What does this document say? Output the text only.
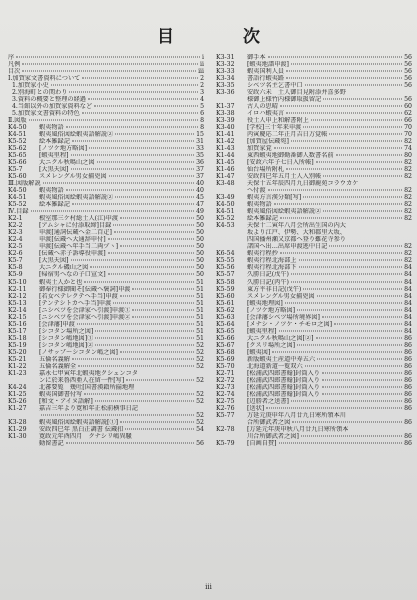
目　次
序	i
凡例	ii
目次	iii
Ⅰ.加賀家文書資料について	2
1.加賀家小史	2
2.別海町との関わり	3
3.資料の概要と整理の経過	4
4.当館以外の加賀家資料など	5
5.加賀家文書資料の特色	6
Ⅱ.図版	8
K4-50	蝦夷物語	8
K4-51	蝦夷風俗図絵蝦夷語解説②	15
K5-52	絵本雑録記	31
K5-62	[ノツケ地方略図]	33
K5-65	[蝦夷里程]	35
K5-66	大ニクル秋鳴山之図	36
K5-7	[大黒天図]	37
K5-60	スメレングル男女捕兇図	37
Ⅲ.図版解説	40
K4-50	蝦夷物語	40
K4-51	蝦夷風俗図絵蝦夷語解説②	45
K5-52	絵本雑録記	47
Ⅳ.目録	49
K2-1	根室那三ケ村総土人(江)申渡	50
K2-2	[アムシャに付添取締]目録	50
K2-3	申渡[通詞伝蔵へ金二百疋]	50
K2-4	申渡[伝蔵へ大通辞申付]	50
K2-5	申渡[伝蔵へ年手当二両ヅヽ]	50
K2-6	[伝蔵へ赤子訴導役申渡]	50
K5-7	[大黒天図]	50
K5-8	大ニクル磯山之図	50
K5-9	[帰宿男へなの子口宣文]	50
K5-10	蝦夷土人かと也	51
K2-11	御奉行様御聞そ[伝蔵へ褒詞]申渡	51
K2-12	[若女ベテレクテヘ手当]申渡	51
K5-13	[テンテシトカヘ手当]申渡	51
K2-14	[ニシベツを会津家へ引渡]申渡①	51
K2-15	[ニシベツを会津家へ引渡]申渡②	51
K5-16	[会津藩]申渡	51
K5-17	[シコタン場所之図]	51
K5-18	[シコタン嶋地図]①	51
K5-19	[シコタン嶋地図]②	52
K5-20	[ノサップ〜シコタン嶋之図]	52
K5-21	五倫名義解	52
K1-22	五倫名義解全	52
K1-23	嘉永七甲寅年北蝦夷地クシュンコタ
ンに於来魯西亜人在留一件[写]	52
K4-24	北蕃要覧　幾吐[国書漢籍所揃地理
K1-25	蝦夷国御書付写	52
K5-26	[和文・アイヌ語解]	52
K1-27	嘉吉三年より寛和年正松前横事日記
52
K3-28	蝦夷風俗図絵蝦夷語解説[①]	52
K1-29	安政四巳年 黒白正調書 伝蔵扣	54
K1-30	寛政元年酉四月　クナシリ嶋異騒
動留書記	56
K3-31	御手本	56
K3-32	[蝦夷地譜申渡]	56
K3-33	蝦夷国利人員	56
K3-34	書語行蝦夷路	56
K3-35	シベツ名主乞書中口	56
K3-36	安政六未　土人御目見附添并喜多野
様御上様竹内様御取扱留記	56
K1-37	古人の思晴	60
K3-38	イロハ蝦夷言	62
K3-39	役土人申上和解書附上	66
K3-40	[学校]三十年来申渡	70
K1-41	丙寅慶応二年正月吉日万覚帳	70
K1-42	[加賀屋伝蔵宛]	82
K1-43	加賀家覚	74
K1-44	東西蝦夷地御勤番御人数書名前	80
K1-45	[安政六年子七日入所帳]	82
K1-46	仙台場所附札	82
K1-47	安政四巳年五月土人入別帳	82
K3-48	天保十五年辰四月九日御鹿苑コラウカケ
ヘ付渡	82
K3-49	蝦夷方言漢分類[写]	82
K4-50	蝦夷物語	82
K4-51	蝦夷風俗図絵蝦夷語解説②	82
K5-52	絵本雑録記	82
K4-53	天保十二寅年八月会所出生国の内大
坂より江戸、伊勢、大和郡里大坂、
四国播州瀬又京都へ登り難花寺参り
諸国へ出…出席申渡逃中日記	82
K6-54	蝦夷行程抄	82
K5-55	蝦夷行程北海部上	82
K5-56	蝦夷行程北海部下	84
K5-57	久勝日記(戊午)	84
K5-58	久勝日記(丙午)	84
K5-59	東方平非日記(戊午)	84
K5-60	スメレングル男女捕兇図	84
K5-61	[蝦夷地理図]	84
K5-62	[ノツケ地方略図]	84
K5-63	[会津藩シベツ場所境界図]	84
K5-64	[メナシ・ノツケ・チモロ之図]	84
K5-65	[蝦夷里程]	84
K5-66	大ニクル秋鳴山之図[②]	86
K5-67	[クスリ場所之図]	86
K5-68	[蝦夷図]	86
K5-69	新版蝦夷土産道中寿五六	86
K5-70	北海道新道一覧双六	86
K2-71	[松浦武四郎書翰]封筒入り	86
K2-72	[松浦武四郎書翰]封筒入り	86
K2-73	[松浦武四郎書翰]封筒入り	86
K2-74	[松浦武四郎書翰]封筒入り	86
K2-75	[辺勝者之送書]	86
K2-76	[送状]	86
K5-77	万延元庚申年八月廿九日寒所領本川
合所御武者之図	86
K2-78	[万延元年庚申秋八月廿九日寒所領本
川合所御武者之図]	86
K5-79	[自画自賛]	86
iii
